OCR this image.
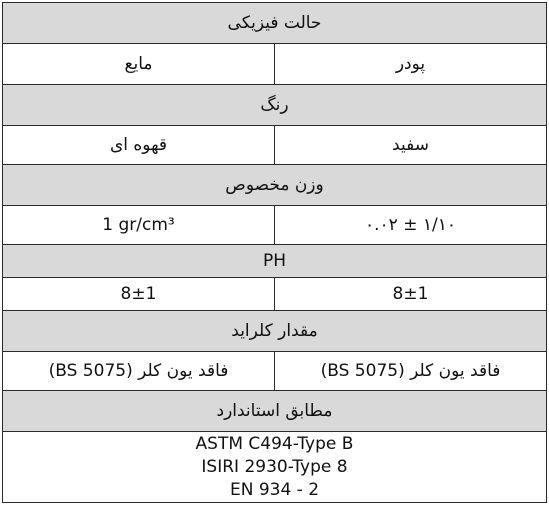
حالت فیزیکی	
پودر	مایع
رنگ	
سفید	قهوه ای
وزن مخصوص	
۱/۱۰ ± ۰.۰۲	1 gr/cm³
PH	
8±1	8±1
مقدار کلراید	
فاقد یون کلر (BS 5075)	فاقد یون کلر (BS 5075)
مطابق استاندارد	

ASTM C494-Type B
ISIRI 2930-Type 8
EN 934 - 2	
